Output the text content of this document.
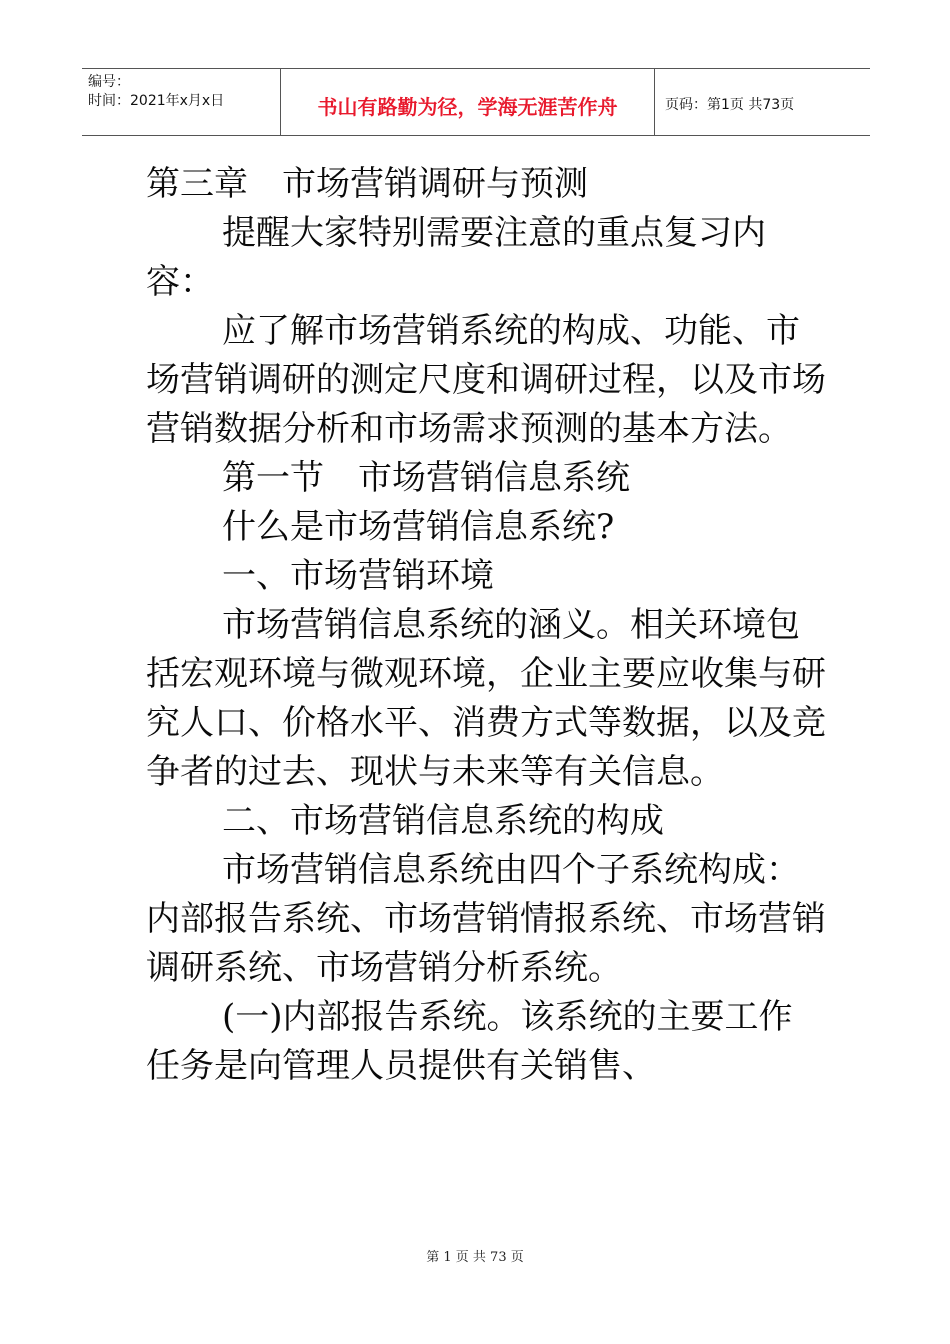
编号：
时间：2021年x月x日	书山有路勤为径，学海无涯苦作舟	页码：第1页 共73页

第三章　市场营销调研与预测

提醒大家特别需要注意的重点复习内容：

应了解市场营销系统的构成、功能、市场营销调研的测定尺度和调研过程，以及市场营销数据分析和市场需求预测的基本方法。

第一节　市场营销信息系统

什么是市场营销信息系统?

一、市场营销环境

市场营销信息系统的涵义。相关环境包括宏观环境与微观环境，企业主要应收集与研究人口、价格水平、消费方式等数据，以及竞争者的过去、现状与未来等有关信息。

二、市场营销信息系统的构成

市场营销信息系统由四个子系统构成：内部报告系统、市场营销情报系统、市场营销调研系统、市场营销分析系统。

(一)内部报告系统。该系统的主要工作任务是向管理人员提供有关销售、

第 1 页 共 73 页
